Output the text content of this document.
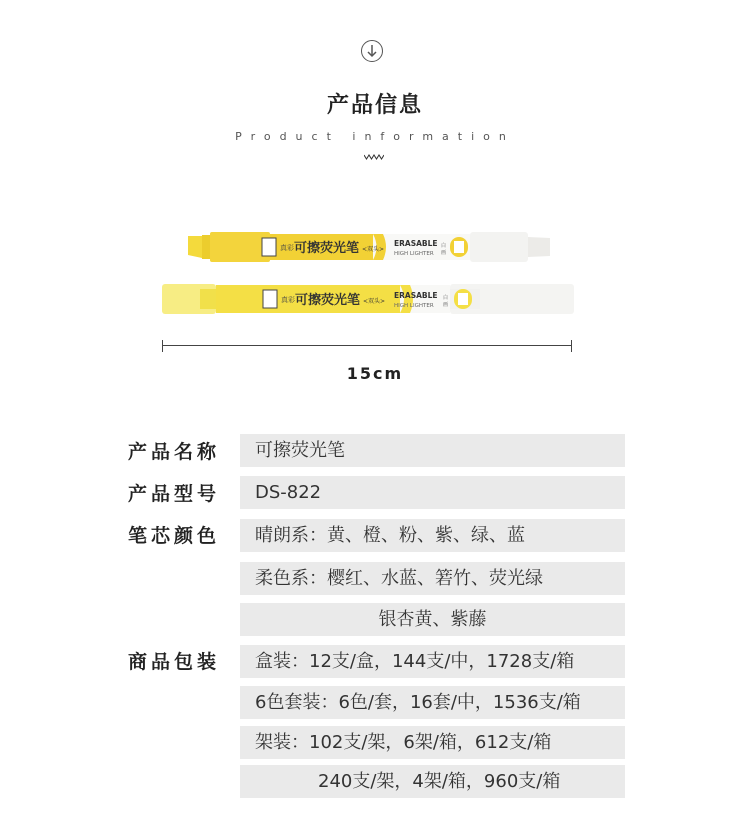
产品信息
Product information
真彩 可擦荧光笔 <双头>
ERASABLE
HIGH LIGHTER
白
画
真彩 可擦荧光笔 <双头>
ERASABLE
HIGH LIGHTER
白
画
15cm
产品名称	可擦荧光笔
产品型号	DS-822
笔芯颜色	晴朗系：黄、橙、粉、紫、绿、蓝
柔色系：樱红、水蓝、箬竹、荧光绿
银杏黄、紫藤
商品包装	盒装：12支/盒，144支/中，1728支/箱
6色套装：6色/套，16套/中，1536支/箱
架装：102支/架，6架/箱，612支/箱
240支/架，4架/箱，960支/箱
